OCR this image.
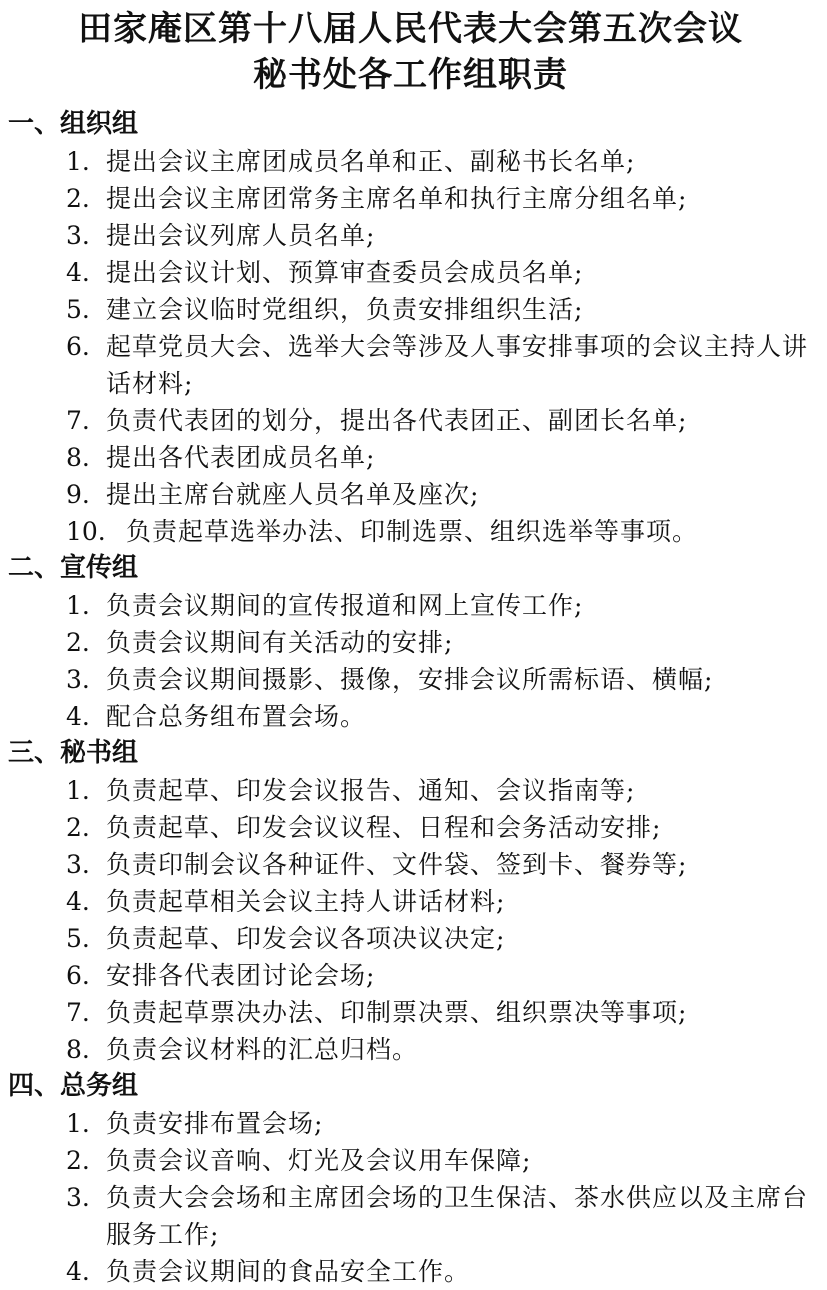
田家庵区第十八届人民代表大会第五次会议
秘书处各工作组职责
一、组织组
1. 提出会议主席团成员名单和正、副秘书长名单;
2. 提出会议主席团常务主席名单和执行主席分组名单;
3. 提出会议列席人员名单;
4. 提出会议计划、预算审查委员会成员名单;
5. 建立会议临时党组织，负责安排组织生活;
6. 起草党员大会、选举大会等涉及人事安排事项的会议主持人讲话材料;
7. 负责代表团的划分，提出各代表团正、副团长名单;
8. 提出各代表团成员名单;
9. 提出主席台就座人员名单及座次;
10. 负责起草选举办法、印制选票、组织选举等事项。
二、宣传组
1. 负责会议期间的宣传报道和网上宣传工作;
2. 负责会议期间有关活动的安排;
3. 负责会议期间摄影、摄像，安排会议所需标语、横幅;
4. 配合总务组布置会场。
三、秘书组
1. 负责起草、印发会议报告、通知、会议指南等;
2. 负责起草、印发会议议程、日程和会务活动安排;
3. 负责印制会议各种证件、文件袋、签到卡、餐券等;
4. 负责起草相关会议主持人讲话材料;
5. 负责起草、印发会议各项决议决定;
6. 安排各代表团讨论会场;
7. 负责起草票决办法、印制票决票、组织票决等事项;
8. 负责会议材料的汇总归档。
四、总务组
1. 负责安排布置会场;
2. 负责会议音响、灯光及会议用车保障;
3. 负责大会会场和主席团会场的卫生保洁、茶水供应以及主席台服务工作;
4. 负责会议期间的食品安全工作。
